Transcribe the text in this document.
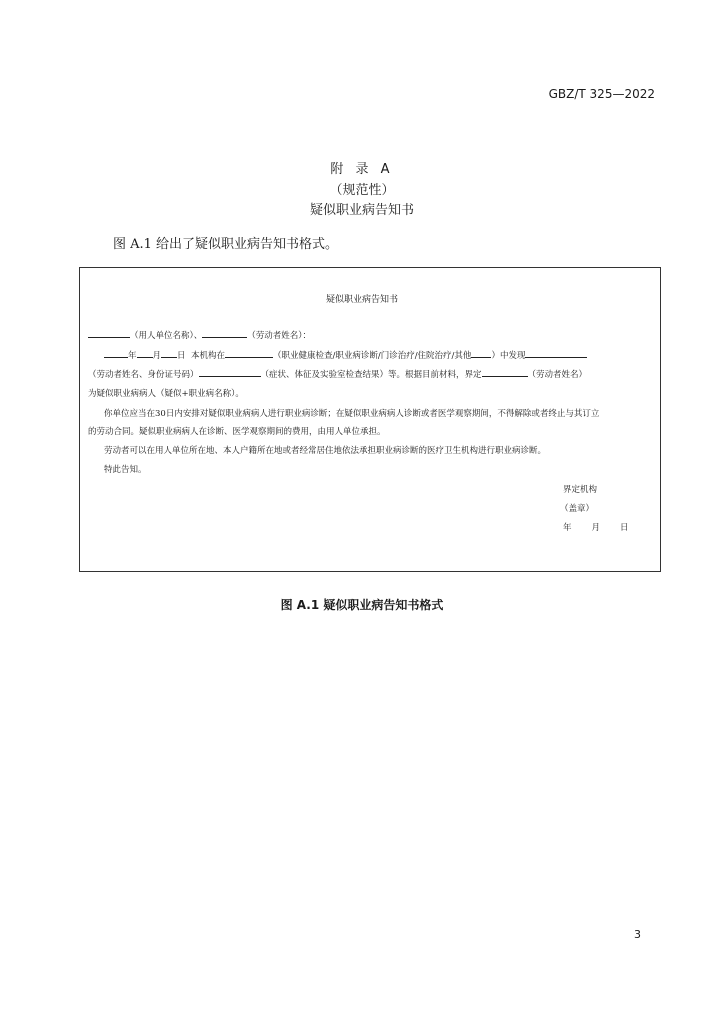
GBZ/T 325—2022
附 录 A
（规范性）
疑似职业病告知书
图 A.1 给出了疑似职业病告知书格式。
疑似职业病告知书
（用人单位名称）、	（劳动者姓名）：
年 月 日 本机构在	（职业健康检查/职业病诊断/门诊治疗/住院治疗/其他 ）中发现
（劳动者姓名、身份证号码）	（症状、体征及实验室检查结果）等。根据目前材料，界定	（劳动者姓名）
为疑似职业病病人（疑似+职业病名称）。
你单位应当在30日内安排对疑似职业病病人进行职业病诊断；在疑似职业病病人诊断或者医学观察期间，不得解除或者终止与其订立
的劳动合同。疑似职业病病人在诊断、医学观察期间的费用，由用人单位承担。
劳动者可以在用人单位所在地、本人户籍所在地或者经常居住地依法承担职业病诊断的医疗卫生机构进行职业病诊断。
特此告知。
界定机构
（盖章）
年 月 日
图 A.1 疑似职业病告知书格式
3
